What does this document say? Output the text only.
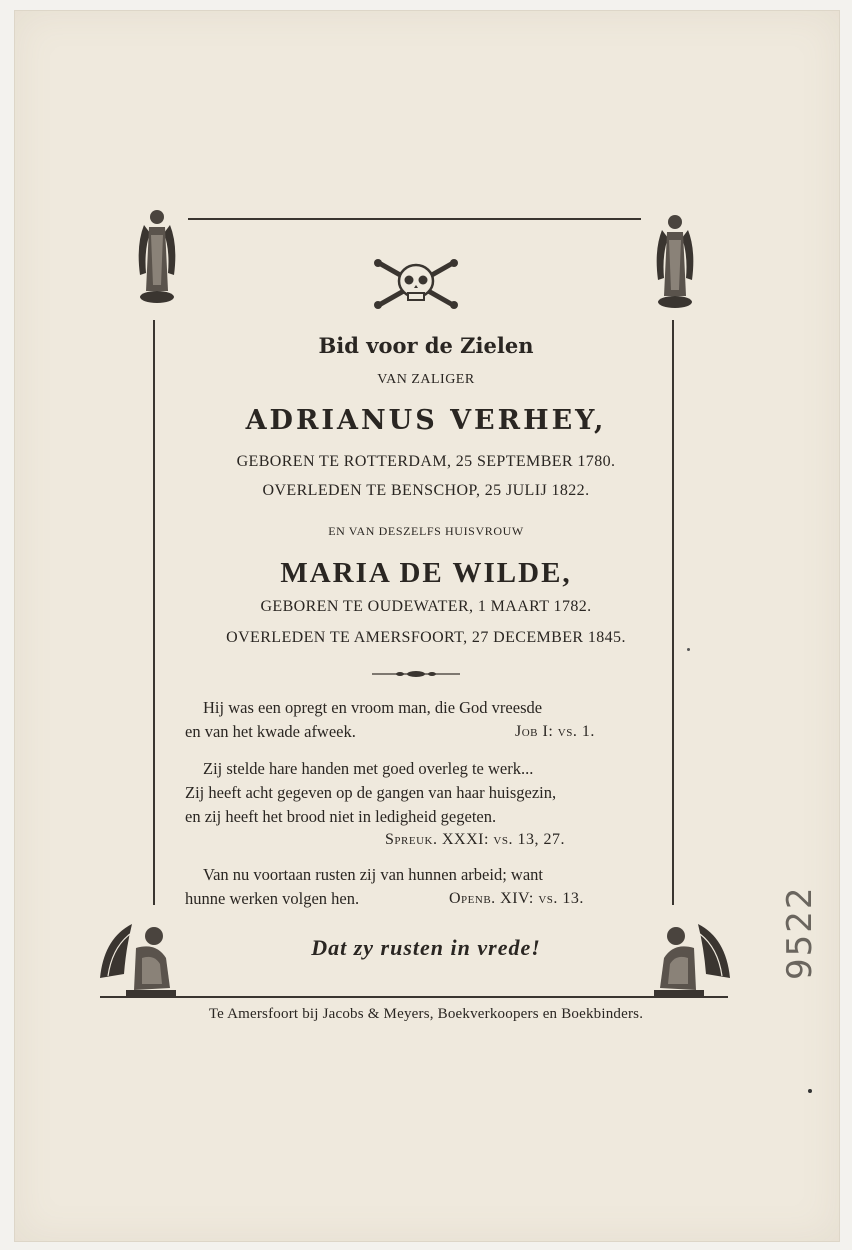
Bid voor de Zielen
VAN ZALIGER
ADRIANUS VERHEY,
GEBOREN TE ROTTERDAM, 25 SEPTEMBER 1780.
OVERLEDEN TE BENSCHOP, 25 JULIJ 1822.
EN VAN DESZELFS HUISVROUW
MARIA DE WILDE,
GEBOREN TE OUDEWATER, 1 MAART 1782.
OVERLEDEN TE AMERSFOORT, 27 DECEMBER 1845.
Hij was een opregt en vroom man, die God vreesde
en van het kwade afweek.	Job I: vs. 1.
Zij stelde hare handen met goed overleg te werk...
Zij heeft acht gegeven op de gangen van haar huisgezin,
en zij heeft het brood niet in ledigheid gegeten.
Spreuk. XXXI: vs. 13, 27.
Van nu voortaan rusten zij van hunnen arbeid; want
hunne werken volgen hen.	Openb. XIV: vs. 13.
Dat zy rusten in vrede!
Te Amersfoort bij Jacobs & Meyers, Boekverkoopers en Boekbinders.
9522
